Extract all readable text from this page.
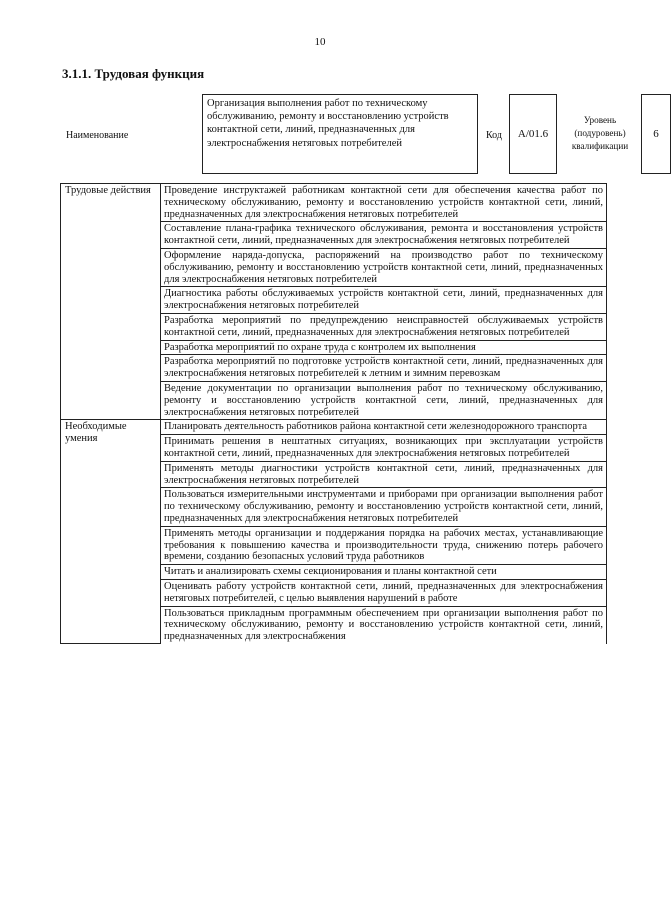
10
3.1.1. Трудовая функция
Наименование
Организация выполнения работ по техническому обслуживанию, ремонту и восстановлению устройств контактной сети, линий, предназначенных для электроснабжения нетяговых потребителей
Код	А/01.6
Уровень (подуровень) квалификации
6
Трудовые действия	Проведение инструктажей работникам контактной сети для обеспечения качества работ по техническому обслуживанию, ремонту и восстановлению устройств контактной сети, линий, предназначенных для электроснабжения нетяговых потребителей
	Составление плана-графика технического обслуживания, ремонта и восстановления устройств контактной сети, линий, предназначенных для электроснабжения нетяговых потребителей
	Оформление наряда-допуска, распоряжений на производство работ по техническому обслуживанию, ремонту и восстановлению устройств контактной сети, линий, предназначенных для электроснабжения нетяговых потребителей
	Диагностика работы обслуживаемых устройств контактной сети, линий, предназначенных для электроснабжения нетяговых потребителей
	Разработка мероприятий по предупреждению неисправностей обслуживаемых устройств контактной сети, линий, предназначенных для электроснабжения нетяговых потребителей
	Разработка мероприятий по охране труда с контролем их выполнения
	Разработка мероприятий по подготовке устройств контактной сети, линий, предназначенных для электроснабжения нетяговых потребителей к летним и зимним перевозкам
	Ведение документации по организации выполнения работ по техническому обслуживанию, ремонту и восстановлению устройств контактной сети, линий, предназначенных для электроснабжения нетяговых потребителей
Необходимые умения	Планировать деятельность работников района контактной сети железнодорожного транспорта
	Принимать решения в нештатных ситуациях, возникающих при эксплуатации устройств контактной сети, линий, предназначенных для электроснабжения нетяговых потребителей
	Применять методы диагностики устройств контактной сети, линий, предназначенных для электроснабжения нетяговых потребителей
	Пользоваться измерительными инструментами и приборами при организации выполнения работ по техническому обслуживанию, ремонту и восстановлению устройств контактной сети, линий, предназначенных для электроснабжения нетяговых потребителей
	Применять методы организации и поддержания порядка на рабочих местах, устанавливающие требования к повышению качества и производительности труда, снижению потерь рабочего времени, созданию безопасных условий труда работников
	Читать и анализировать схемы секционирования и планы контактной сети
	Оценивать работу устройств контактной сети, линий, предназначенных для электроснабжения нетяговых потребителей, с целью выявления нарушений в работе
	Пользоваться прикладным программным обеспечением при организации выполнения работ по техническому обслуживанию, ремонту и восстановлению устройств контактной сети, линий, предназначенных для электроснабжения
